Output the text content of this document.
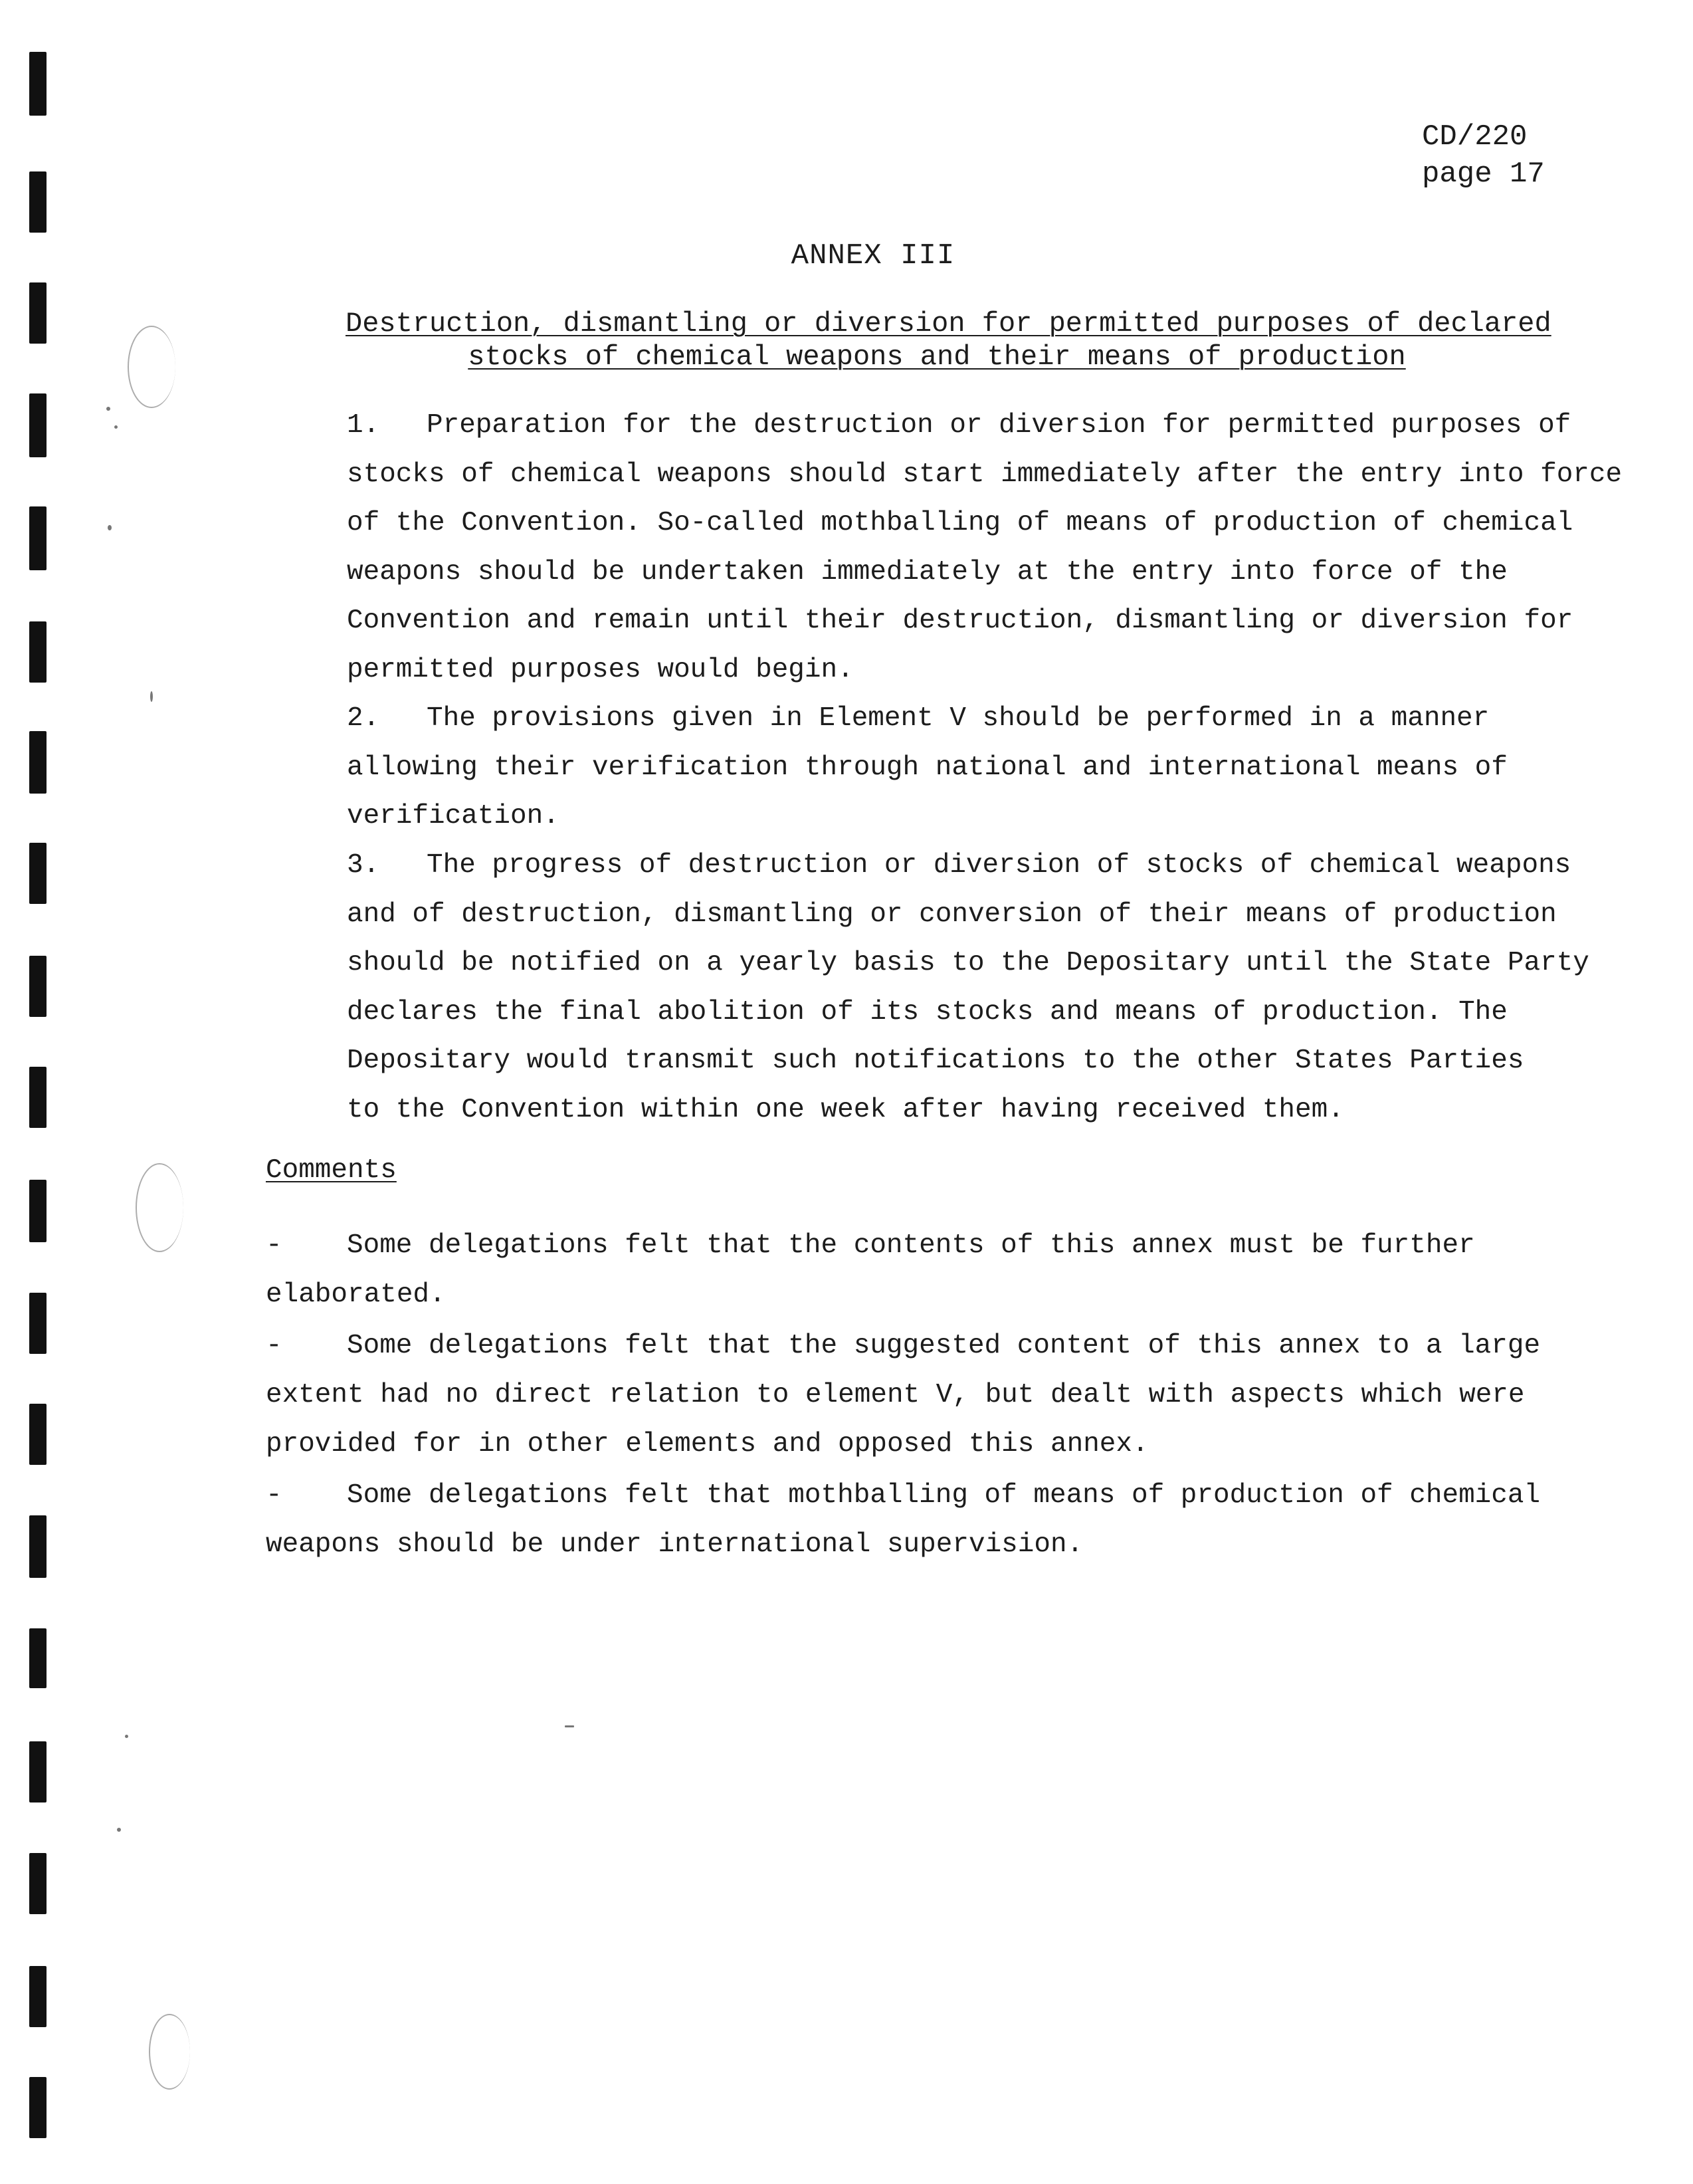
CD/220
page 17
ANNEX III
Destruction, dismantling or diversion for permitted purposes of declared
stocks of chemical weapons and their means of production
1. Preparation for the destruction or diversion for permitted purposes of
stocks of chemical weapons should start immediately after the entry into force
of the Convention. So-called mothballing of means of production of chemical
weapons should be undertaken immediately at the entry into force of the
Convention and remain until their destruction, dismantling or diversion for
permitted purposes would begin.
2. The provisions given in Element V should be performed in a manner
allowing their verification through national and international means of
verification.
3. The progress of destruction or diversion of stocks of chemical weapons
and of destruction, dismantling or conversion of their means of production
should be notified on a yearly basis to the Depositary until the State Party
declares the final abolition of its stocks and means of production. The
Depositary would transmit such notifications to the other States Parties
to the Convention within one week after having received them.
Comments
- Some delegations felt that the contents of this annex must be further
elaborated.
- Some delegations felt that the suggested content of this annex to a large
extent had no direct relation to element V, but dealt with aspects which were
provided for in other elements and opposed this annex.
- Some delegations felt that mothballing of means of production of chemical
weapons should be under international supervision.
